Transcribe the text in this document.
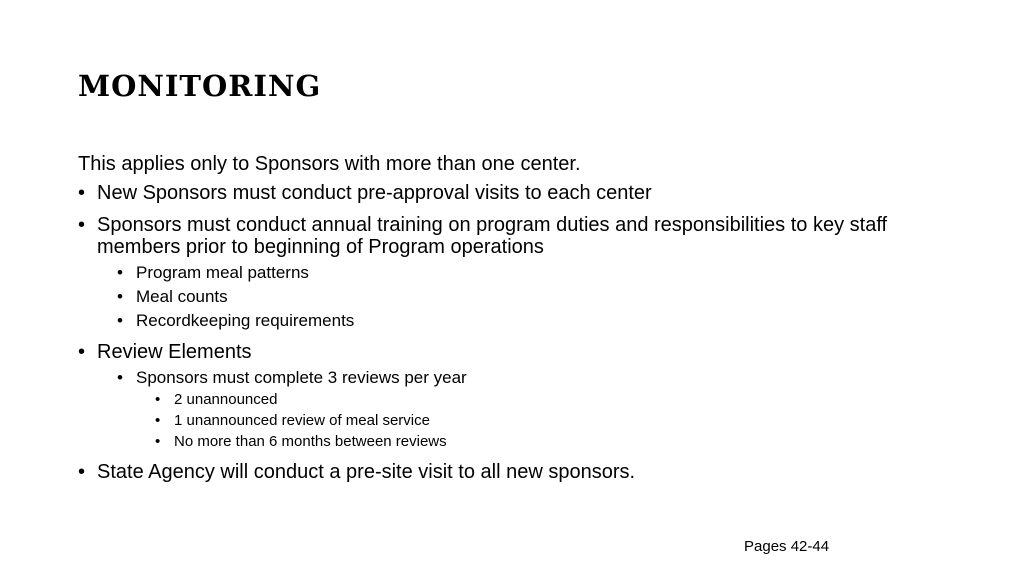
monitoring

This applies only to Sponsors with more than one center.

• New Sponsors must conduct pre-approval visits to each center
• Sponsors must conduct annual training on program duties and responsibilities to key staff members prior to beginning of Program operations
• Program meal patterns
• Meal counts
• Recordkeeping requirements
• Review Elements
• Sponsors must complete 3 reviews per year
• 2 unannounced
• 1 unannounced review of meal service
• No more than 6 months between reviews
• State Agency will conduct a pre-site visit to all new sponsors.
Pages 42-44
